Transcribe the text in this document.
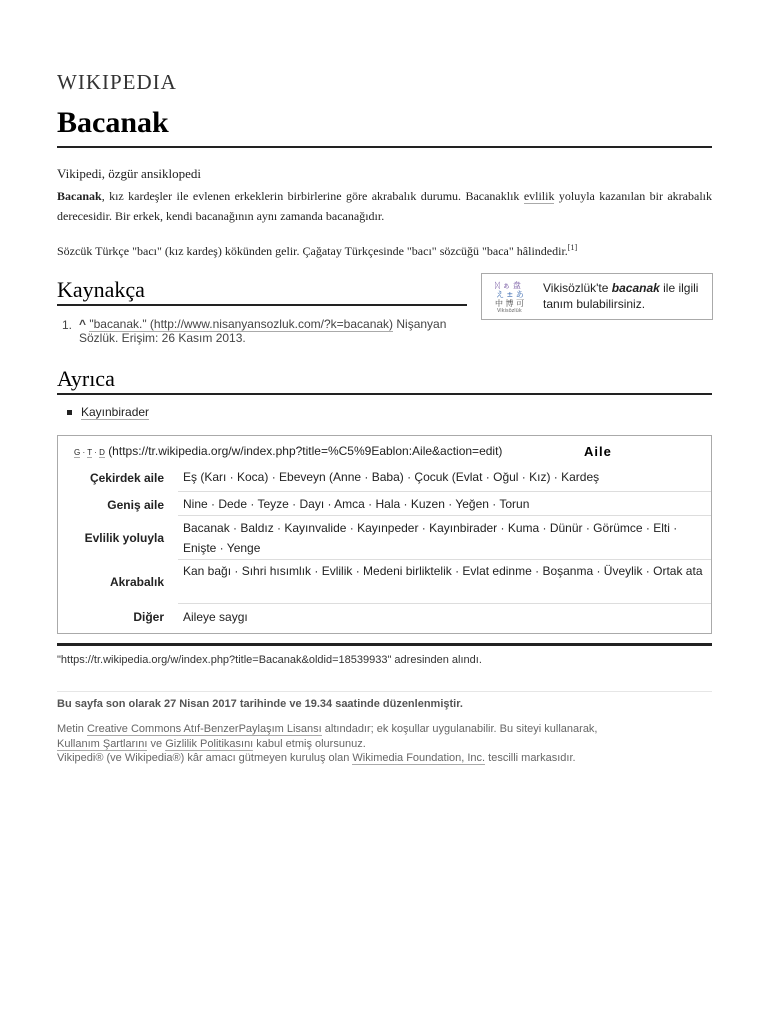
WIKIPEDIA
Bacanak
Vikipedi, özgür ansiklopedi
Bacanak, kız kardeşler ile evlenen erkeklerin birbirlerine göre akrabalık durumu. Bacanaklık evlilik yoluyla kazanılan bir akrabalık derecesidir. Bir erkek, kendi bacanağının aynı zamanda bacanağıdır.
Sözcük Türkçe "bacı" (kız kardeş) kökünden gelir. Çağatay Türkçesinde "bacı" sözcüğü "baca" hâlindedir.[1]
Kaynakça	ᛞ ぁ 盘
え ± あ
中 博 可
Vikisözlük
Vikisözlük'te bacanak ile ilgili tanım bulabilirsiniz.
1. ^ "bacanak." (http://www.nisanyansozluk.com/?k=bacanak) Nişanyan Sözlük. Erişim: 26 Kasım 2013.
Ayrıca
Kayınbirader
G · T · D (https://tr.wikipedia.org/w/index.php?title=%C5%9Eablon:Aile&action=edit)	Aile
Çekirdek aile Eş (Karı · Koca) · Ebeveyn (Anne · Baba) · Çocuk (Evlat · Oğul · Kız) · Kardeş
Geniş aile Nine · Dede · Teyze · Dayı · Amca · Hala · Kuzen · Yeğen · Torun
Evlilik yoluyla
Bacanak · Baldız · Kayınvalide · Kayınpeder · Kayınbirader · Kuma · Dünür · Görümce · Elti · Enişte · Yenge
Akrabalık
Kan bağı · Sıhri hısımlık · Evlilik · Medeni birliktelik · Evlat edinme · Boşanma · Üveylik · Ortak ata
Diğer Aileye saygı
"https://tr.wikipedia.org/w/index.php?title=Bacanak&oldid=18539933" adresinden alındı.
Bu sayfa son olarak 27 Nisan 2017 tarihinde ve 19.34 saatinde düzenlenmiştir.
Metin Creative Commons Atıf-BenzerPaylaşım Lisansı altındadır; ek koşullar uygulanabilir. Bu siteyi kullanarak,
Kullanım Şartlarını ve Gizlilik Politikasını kabul etmiş olursunuz.
Vikipedi® (ve Wikipedia®) kâr amacı gütmeyen kuruluş olan Wikimedia Foundation, Inc. tescilli markasıdır.
